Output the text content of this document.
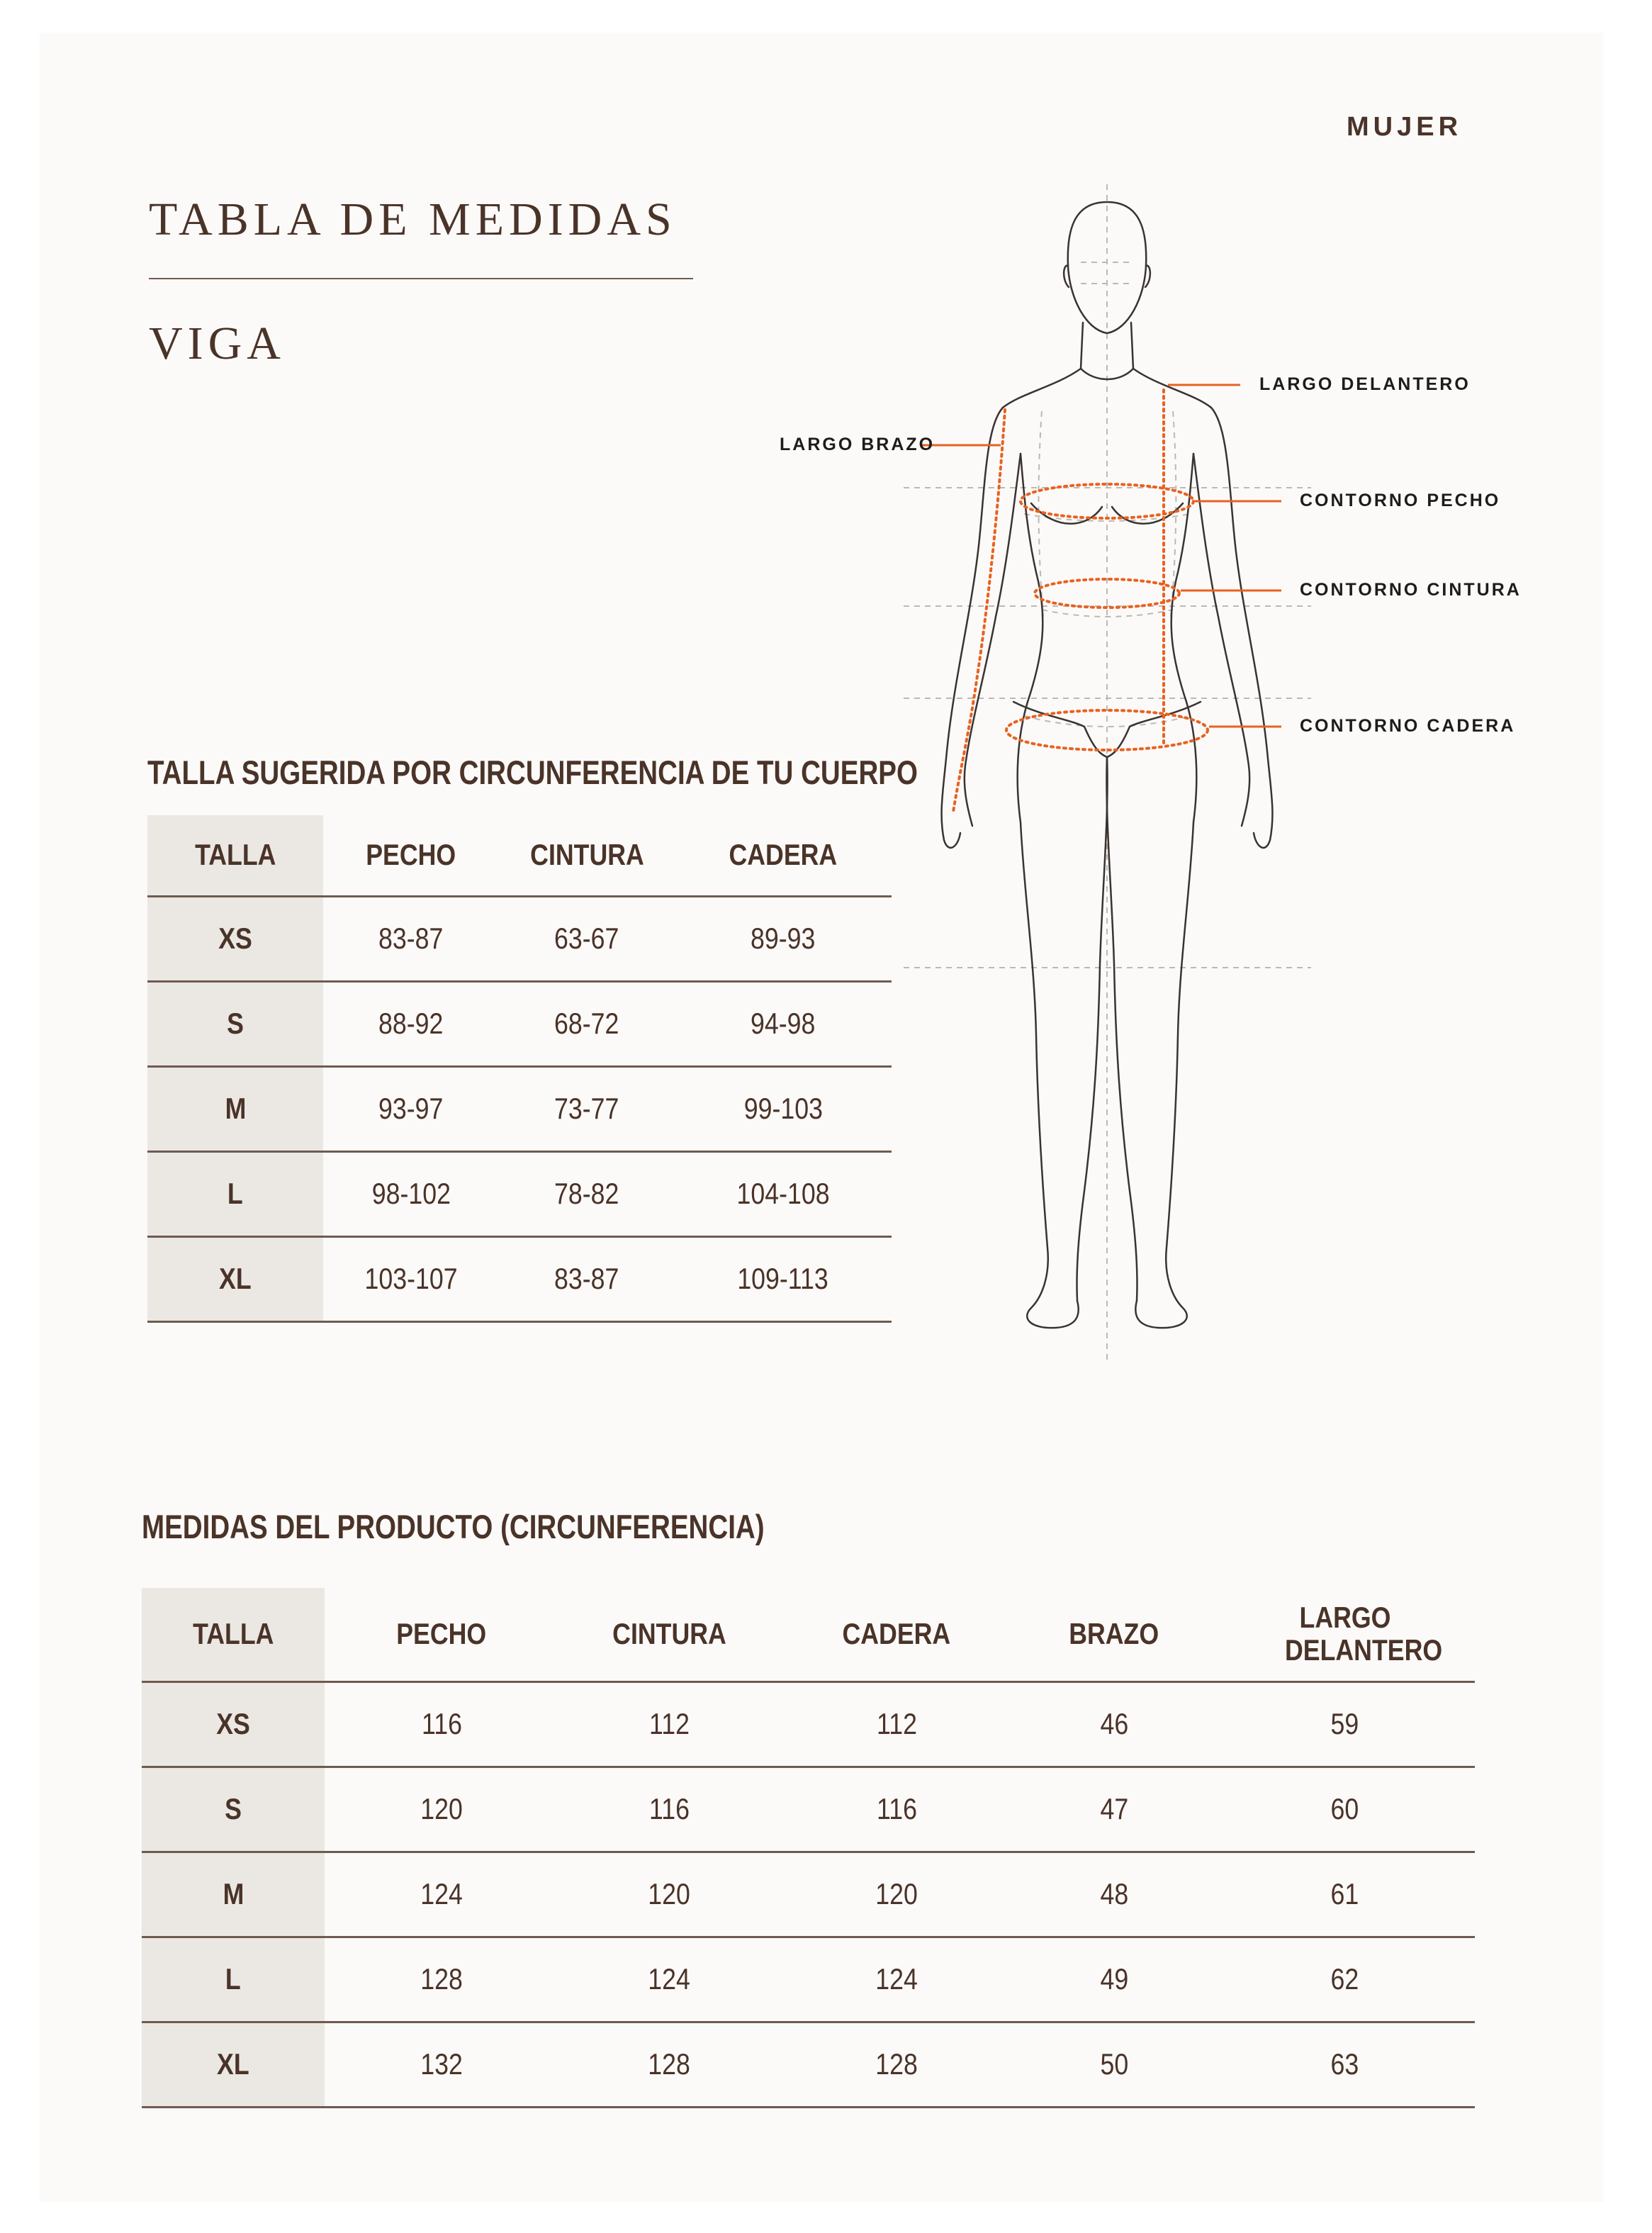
MUJER
TABLA DE MEDIDAS
VIGA
LARGO DELANTERO
LARGO BRAZO
CONTORNO PECHO
CONTORNO CINTURA
CONTORNO CADERA
TALLA SUGERIDA POR CIRCUNFERENCIA DE TU CUERPO
TALLA	PECHO	CINTURA	CADERA
XS	83-87	63-67	89-93
S	88-92	68-72	94-98
M	93-97	73-77	99-103
L	98-102	78-82	104-108
XL	103-107	83-87	109-113
MEDIDAS DEL PRODUCTO (CIRCUNFERENCIA)
TALLA	PECHO	CINTURA	CADERA	BRAZO	LARGO DELANTERO
XS	116	112	112	46	59
S	120	116	116	47	60
M	124	120	120	48	61
L	128	124	124	49	62
XL	132	128	128	50	63
